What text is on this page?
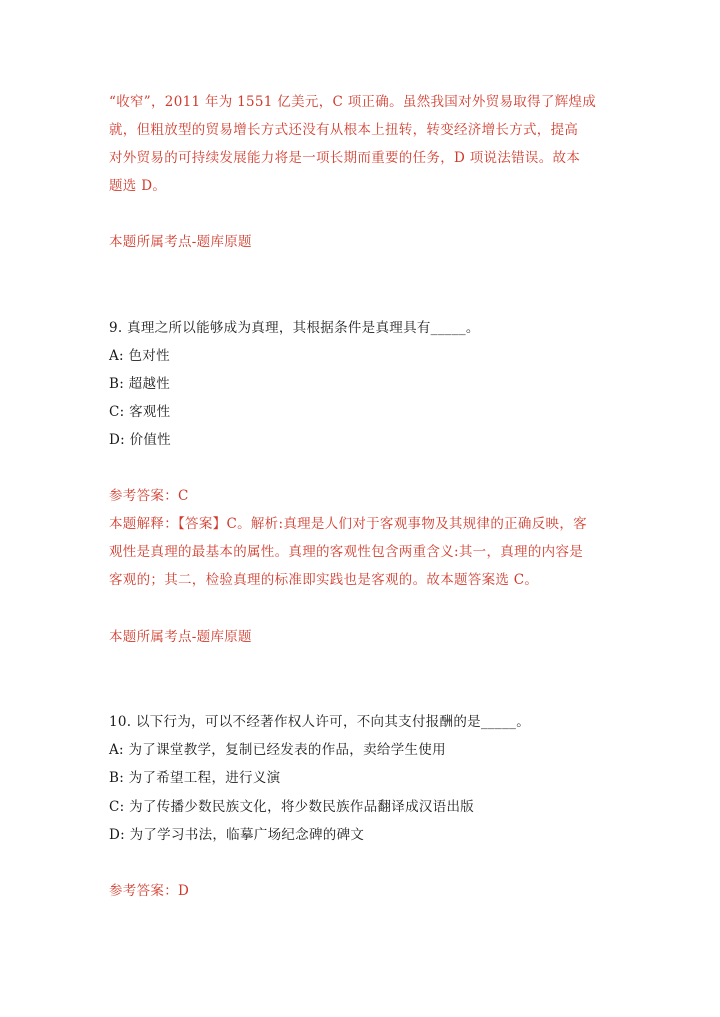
“收窄”，2011 年为 1551 亿美元，C 项正确。虽然我国对外贸易取得了辉煌成
就，但粗放型的贸易增长方式还没有从根本上扭转，转变经济增长方式，提高
对外贸易的可持续发展能力将是一项长期而重要的任务，D 项说法错误。故本
题选 D。
本题所属考点-题库原题
9. 真理之所以能够成为真理，其根据条件是真理具有_____。
A: 色对性
B: 超越性
C: 客观性
D: 价值性
参考答案：C
本题解释：【答案】C。解析:真理是人们对于客观事物及其规律的正确反映，客
观性是真理的最基本的属性。真理的客观性包含两重含义:其一，真理的内容是
客观的；其二，检验真理的标准即实践也是客观的。故本题答案选 C。
本题所属考点-题库原题
10. 以下行为，可以不经著作权人许可，不向其支付报酬的是_____。
A: 为了课堂教学，复制已经发表的作品，卖给学生使用
B: 为了希望工程，进行义演
C: 为了传播少数民族文化，将少数民族作品翻译成汉语出版
D: 为了学习书法，临摹广场纪念碑的碑文
参考答案：D
